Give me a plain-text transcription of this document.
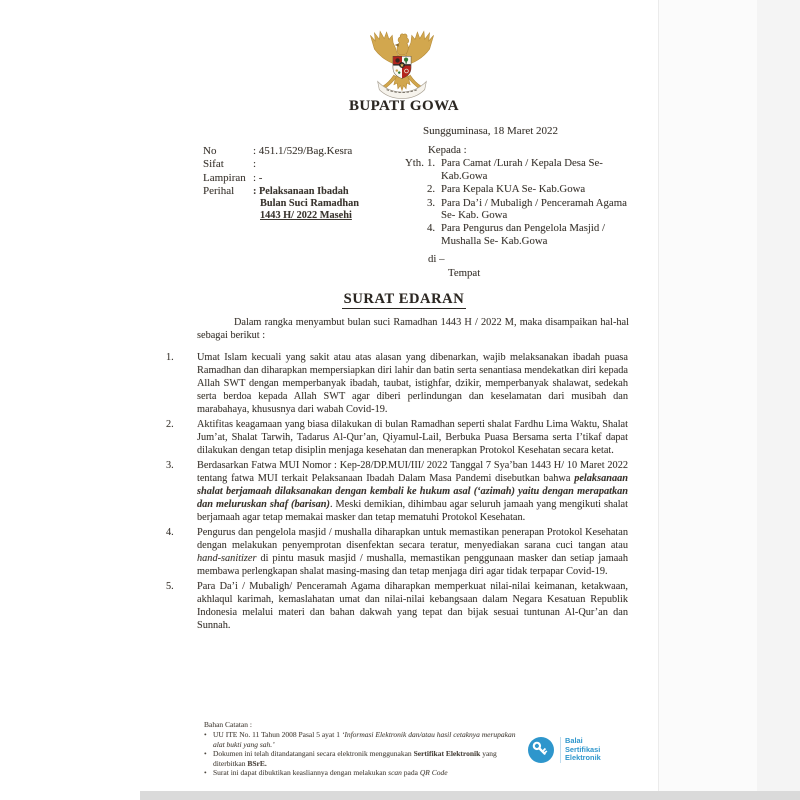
BUPATI GOWA
Sungguminasa, 18 Maret 2022
No	: 451.1/529/Bag.Kesra
Sifat	:
Lampiran : -
Perihal	: Pelaksanaan Ibadah
Bulan Suci Ramadhan
1443 H/ 2022 Masehi
Kepada :
Yth. 1. Para Camat /Lurah / Kepala Desa Se- Kab.Gowa
2. Para Kepala KUA Se- Kab.Gowa
3. Para Da’i / Mubaligh / Penceramah Agama Se- Kab. Gowa
4. Para Pengurus dan Pengelola Masjid / Mushalla Se- Kab.Gowa
di –
Tempat
SURAT EDARAN
Dalam rangka menyambut bulan suci Ramadhan 1443 H / 2022 M, maka disampaikan hal-hal sebagai berikut :
1.	Umat Islam kecuali yang sakit atau atas alasan yang dibenarkan, wajib melaksanakan ibadah puasa Ramadhan dan diharapkan mempersiapkan diri lahir dan batin serta senantiasa mendekatkan diri kepada Allah SWT dengan memperbanyak ibadah, taubat, istighfar, dzikir, memperbanyak shalawat, sedekah serta berdoa kepada Allah SWT agar diberi perlindungan dan keselamatan dari musibah dan marabahaya, khususnya dari wabah Covid-19.
2.	Aktifitas keagamaan yang biasa dilakukan di bulan Ramadhan seperti shalat Fardhu Lima Waktu, Shalat Jum’at, Shalat Tarwih, Tadarus Al-Qur’an, Qiyamul-Lail, Berbuka Puasa Bersama serta I’tikaf dapat dilakukan dengan tetap disiplin menjaga kesehatan dan menerapkan Protokol Kesehatan secara ketat.
3.	Berdasarkan Fatwa MUI Nomor : Kep-28/DP.MUI/III/ 2022 Tanggal 7 Sya’ban 1443 H/ 10 Maret 2022 tentang fatwa MUI terkait Pelaksanaan Ibadah Dalam Masa Pandemi disebutkan bahwa pelaksanaan shalat berjamaah dilaksanakan dengan kembali ke hukum asal (‘azimah) yaitu dengan merapatkan dan meluruskan shaf (barisan). Meski demikian, dihimbau agar seluruh jamaah yang mengikuti shalat berjamaah agar tetap memakai masker dan tetap mematuhi Protokol Kesehatan.
4.	Pengurus dan pengelola masjid / mushalla diharapkan untuk memastikan penerapan Protokol Kesehatan dengan melakukan penyemprotan disenfektan secara teratur, menyediakan sarana cuci tangan atau hand-sanitizer di pintu masuk masjid / mushalla, memastikan penggunaan masker dan setiap jamaah membawa perlengkapan shalat masing-masing dan tetap menjaga diri agar tidak terpapar Covid-19.
5.	Para Da’i / Mubaligh/ Penceramah Agama diharapkan memperkuat nilai-nilai keimanan, ketakwaan, akhlaqul karimah, kemaslahatan umat dan nilai-nilai kebangsaan dalam Negara Kesatuan Republik Indonesia melalui materi dan bahan dakwah yang tepat dan bijak sesuai tuntunan Al-Qur’an dan Sunnah.
Bahan Catatan :
• UU ITE No. 11 Tahun 2008 Pasal 5 ayat 1 ‘Informasi Elektronik dan/atau hasil cetaknya merupakan alat bukti yang sah.’
• Dokumen ini telah ditandatangani secara elektronik menggunakan Sertifikat Elektronik yang diterbitkan BSrE.
• Surat ini dapat dibuktikan keasliannya dengan melakukan scan pada QR Code
Balai
Sertifikasi
Elektronik
